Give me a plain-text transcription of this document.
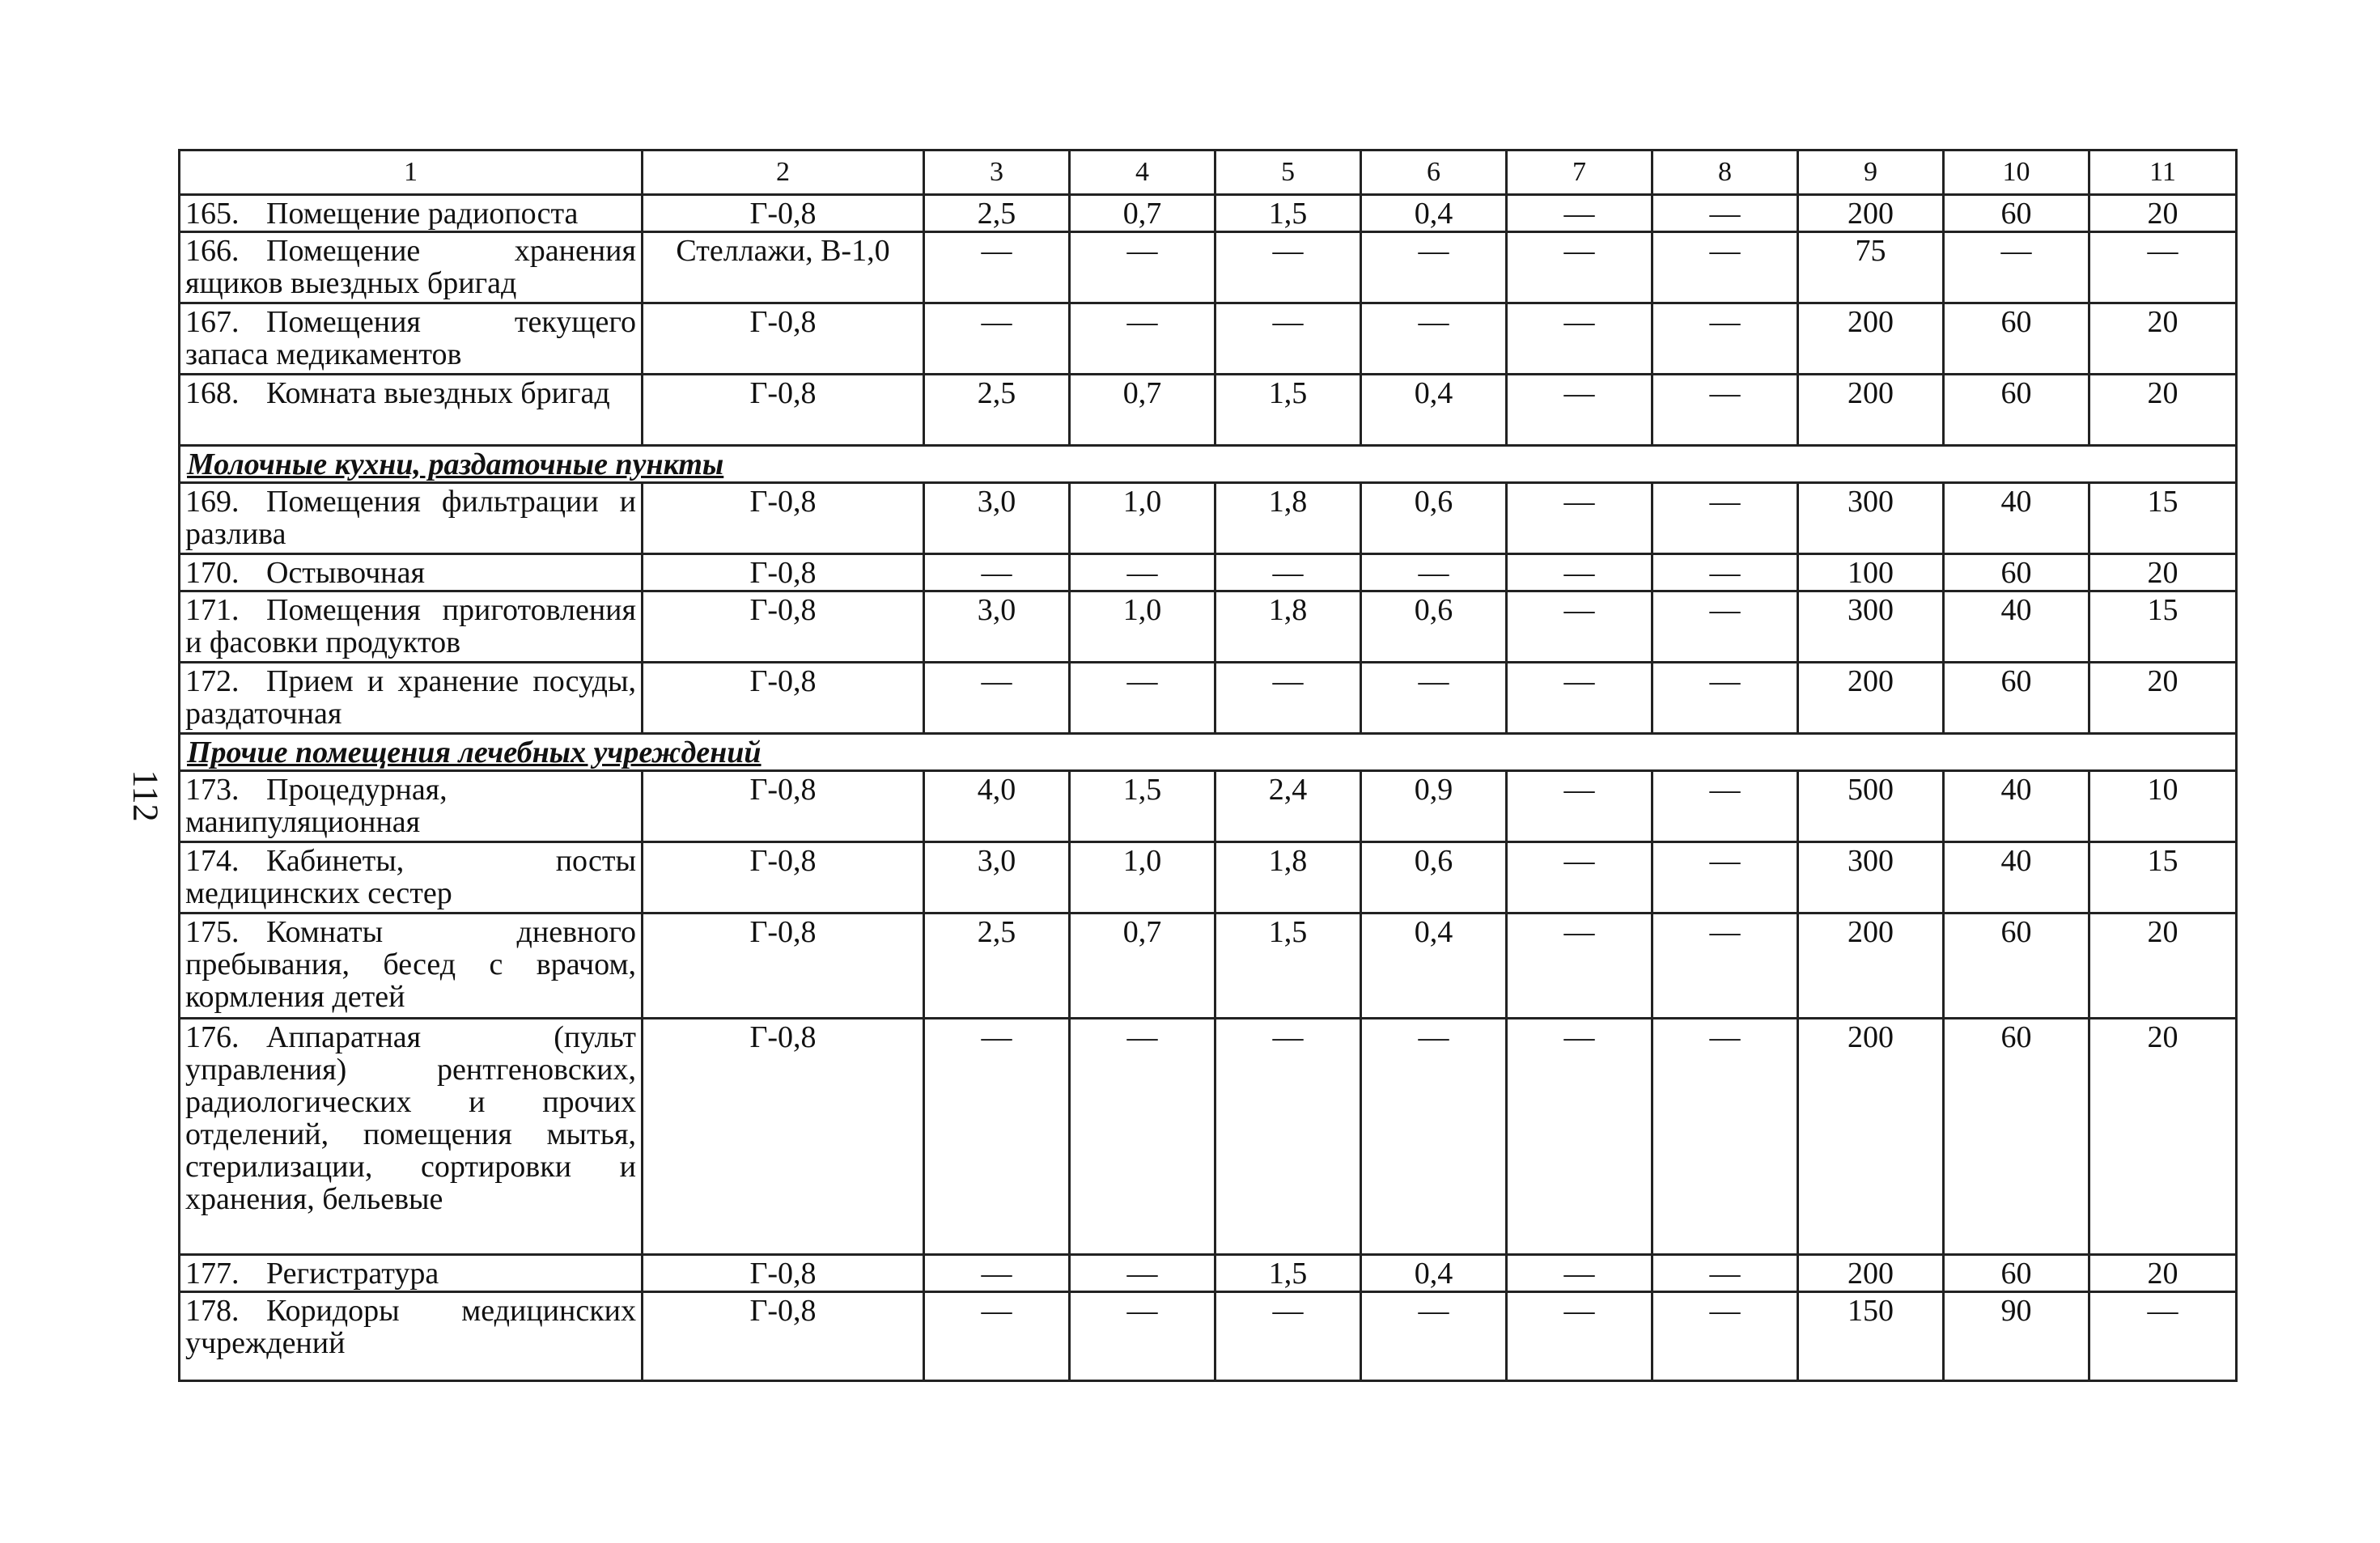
112
1	2	3	4	5	6	7	8	9	10	11
165. Помещение радиопоста	Г-0,8	2,5	0,7	1,5	0,4	—	—	200	60	20
166. Помещение хранения ящиков выездных бригад	Стеллажи, В-1,0	—	—	—	—	—	—	75	—	—
167. Помещения текущего запаса медикаментов	Г-0,8	—	—	—	—	—	—	200	60	20
168. Комната выездных бригад	Г-0,8	2,5	0,7	1,5	0,4	—	—	200	60	20
Молочные кухни, раздаточные пункты										
169. Помещения фильтрации и разлива	Г-0,8	3,0	1,0	1,8	0,6	—	—	300	40	15
170. Остывочная	Г-0,8	—	—	—	—	—	—	100	60	20
171. Помещения приготовления и фасовки продуктов	Г-0,8	3,0	1,0	1,8	0,6	—	—	300	40	15
172. Прием и хранение посуды, раздаточная	Г-0,8	—	—	—	—	—	—	200	60	20
Прочие помещения лечебных учреждений										
173. Процедурная, манипуляционная	Г-0,8	4,0	1,5	2,4	0,9	—	—	500	40	10
174. Кабинеты, посты медицинских сестер	Г-0,8	3,0	1,0	1,8	0,6	—	—	300	40	15
175. Комнаты дневного пребывания, бесед с врачом, кормления детей	Г-0,8	2,5	0,7	1,5	0,4	—	—	200	60	20
176. Аппаратная (пульт управления) рентгеновских, радиологических и прочих отделений, помещения мытья, стерилизации, сортировки и хранения, бельевые	Г-0,8	—	—	—	—	—	—	200	60	20
177. Регистратура	Г-0,8	—	—	1,5	0,4	—	—	200	60	20
178. Коридоры медицинских учреждений	Г-0,8	—	—	—	—	—	—	150	90	—
